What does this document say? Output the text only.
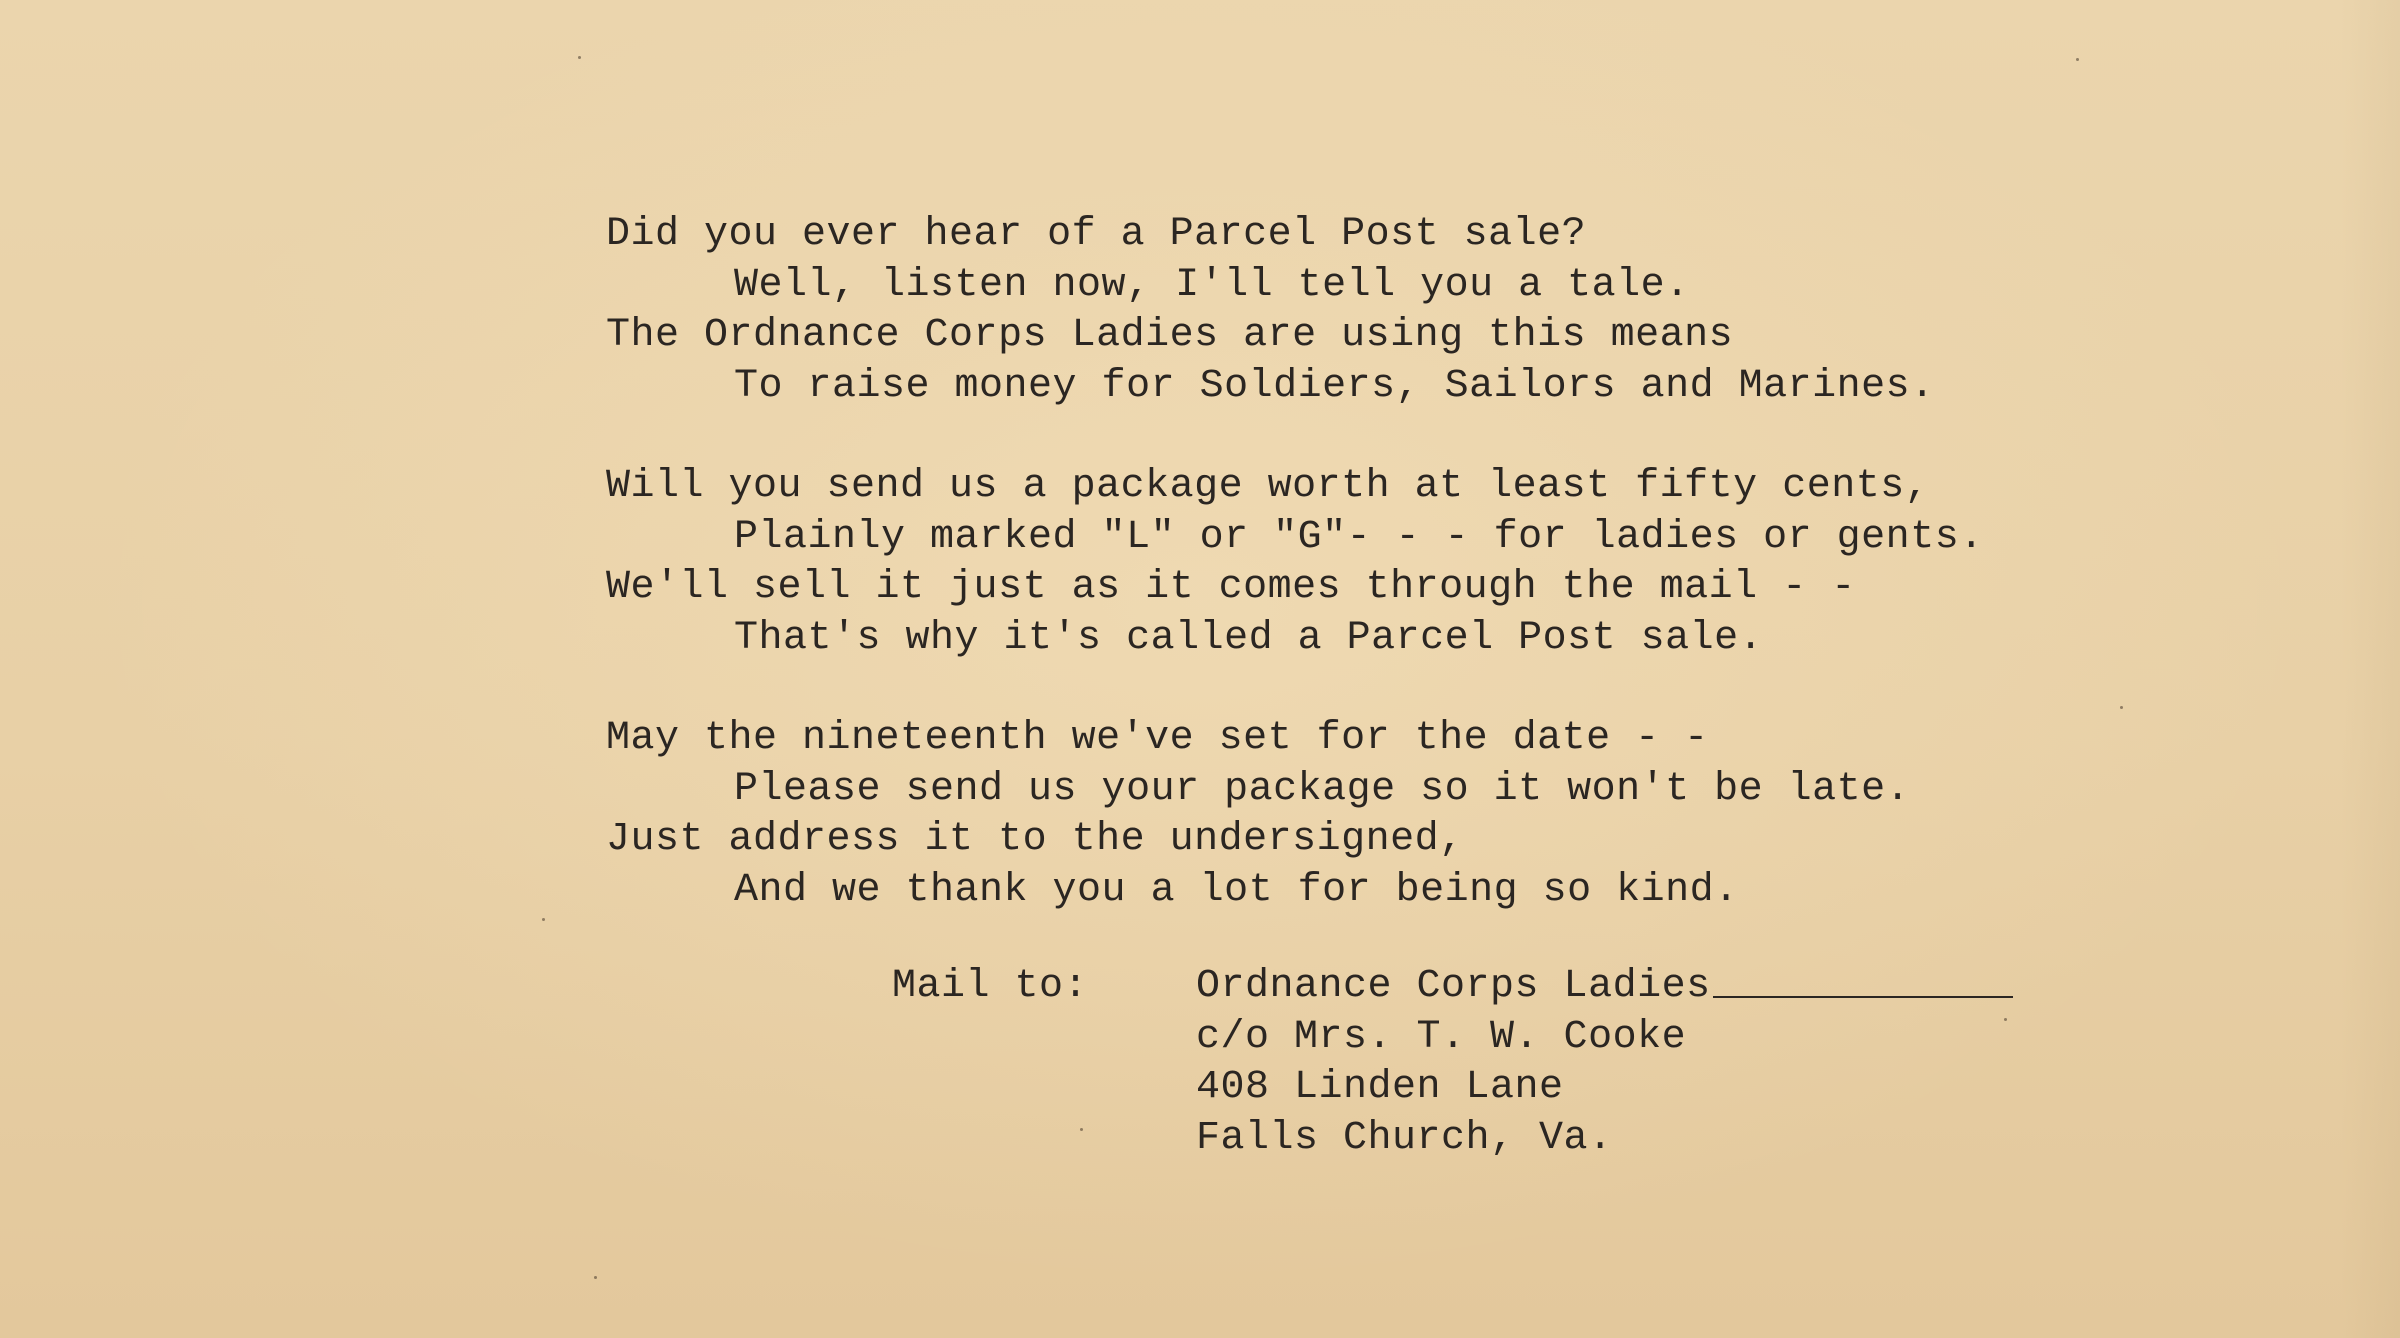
Did you ever hear of a Parcel Post sale?
Well, listen now, I'll tell you a tale.
The Ordnance Corps Ladies are using this means
To raise money for Soldiers, Sailors and Marines.
Will you send us a package worth at least fifty cents,
Plainly marked "L" or "G"- - - for ladies or gents.
We'll sell it just as it comes through the mail - -
That's why it's called a Parcel Post sale.
May the nineteenth we've set for the date - -
Please send us your package so it won't be late.
Just address it to the undersigned,
And we thank you a lot for being so kind.
Mail to:	Ordnance Corps Ladies
c/o Mrs. T. W. Cooke
408 Linden Lane
Falls Church, Va.
